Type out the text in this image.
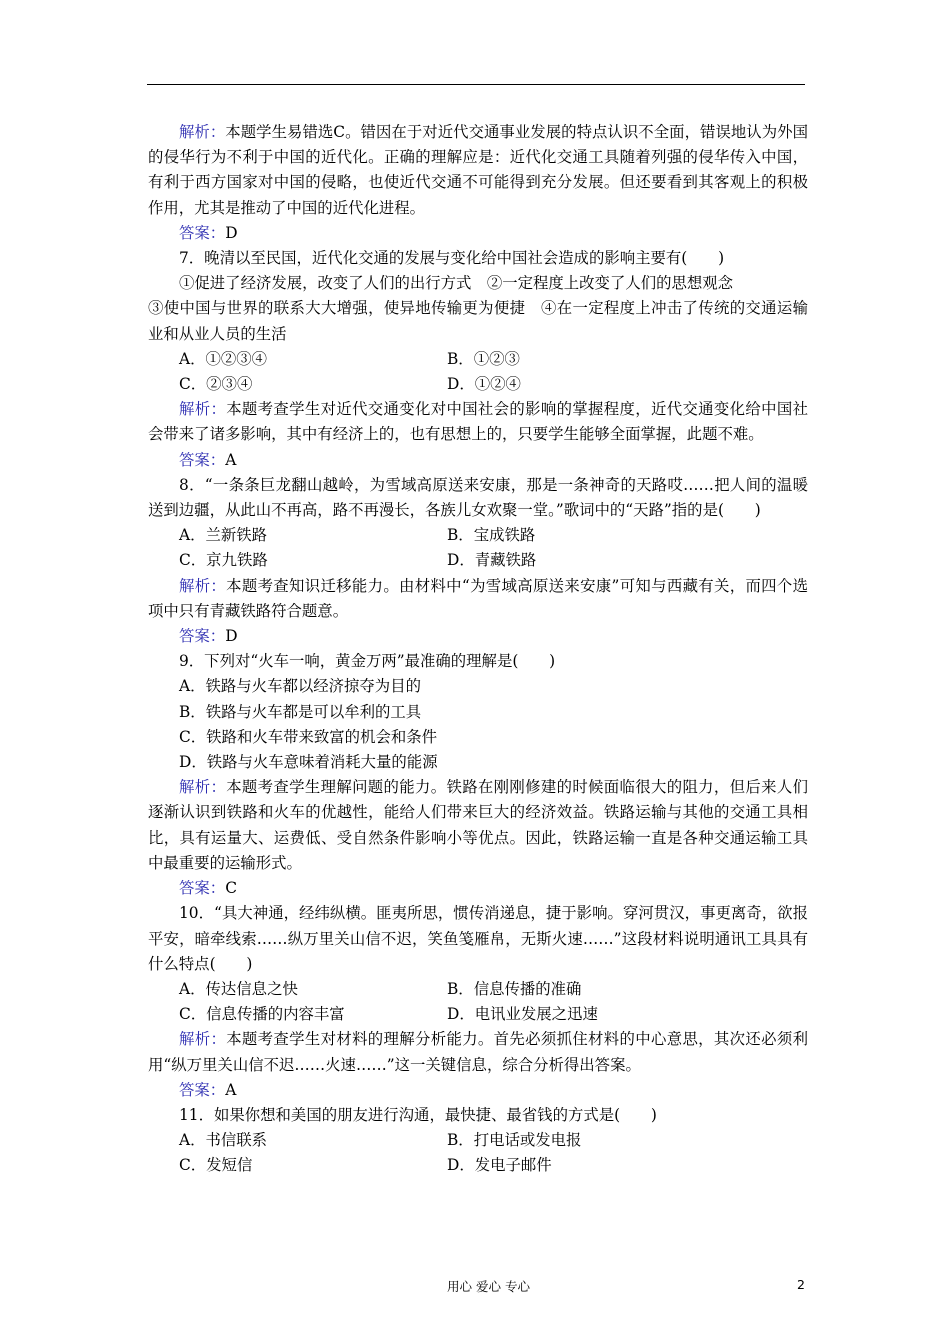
解析：本题学生易错选C。错因在于对近代交通事业发展的特点认识不全面，错误地认为外国的侵华行为不利于中国的近代化。正确的理解应是：近代化交通工具随着列强的侵华传入中国，有利于西方国家对中国的侵略，也使近代交通不可能得到充分发展。但还要看到其客观上的积极作用，尤其是推动了中国的近代化进程。

答案：D

7．晚清以至民国，近代化交通的发展与变化给中国社会造成的影响主要有(　　)

①促进了经济发展，改变了人们的出行方式　②一定程度上改变了人们的思想观念

③使中国与世界的联系大大增强，使异地传输更为便捷　④在一定程度上冲击了传统的交通运输业和从业人员的生活

A．①②③④	B．①②③
C．②③④	D．①②④

解析：本题考查学生对近代交通变化对中国社会的影响的掌握程度，近代交通变化给中国社会带来了诸多影响，其中有经济上的，也有思想上的，只要学生能够全面掌握，此题不难。

答案：A

8．“一条条巨龙翻山越岭，为雪域高原送来安康，那是一条神奇的天路哎……把人间的温暖送到边疆，从此山不再高，路不再漫长，各族儿女欢聚一堂。”歌词中的“天路”指的是(　　)

A．兰新铁路	B．宝成铁路
C．京九铁路	D．青藏铁路

解析：本题考查知识迁移能力。由材料中“为雪域高原送来安康”可知与西藏有关，而四个选项中只有青藏铁路符合题意。

答案：D

9．下列对“火车一响，黄金万两”最准确的理解是(　　)

A．铁路与火车都以经济掠夺为目的
B．铁路与火车都是可以牟利的工具
C．铁路和火车带来致富的机会和条件
D．铁路与火车意味着消耗大量的能源

解析：本题考查学生理解问题的能力。铁路在刚刚修建的时候面临很大的阻力，但后来人们逐渐认识到铁路和火车的优越性，能给人们带来巨大的经济效益。铁路运输与其他的交通工具相比，具有运量大、运费低、受自然条件影响小等优点。因此，铁路运输一直是各种交通运输工具中最重要的运输形式。

答案：C

10．“具大神通，经纬纵横。匪夷所思，惯传消递息，捷于影响。穿河贯汉，事更离奇，欲报平安，暗牵线索……纵万里关山信不迟，笑鱼笺雁帛，无斯火速……”这段材料说明通讯工具具有什么特点(　　)

A．传达信息之快	B．信息传播的准确
C．信息传播的内容丰富	D．电讯业发展之迅速

解析：本题考查学生对材料的理解分析能力。首先必须抓住材料的中心意思，其次还必须利用“纵万里关山信不迟……火速……”这一关键信息，综合分析得出答案。

答案：A

11．如果你想和美国的朋友进行沟通，最快捷、最省钱的方式是(　　)

A．书信联系	B．打电话或发电报
C．发短信	D．发电子邮件
用心 爱心 专心	2
